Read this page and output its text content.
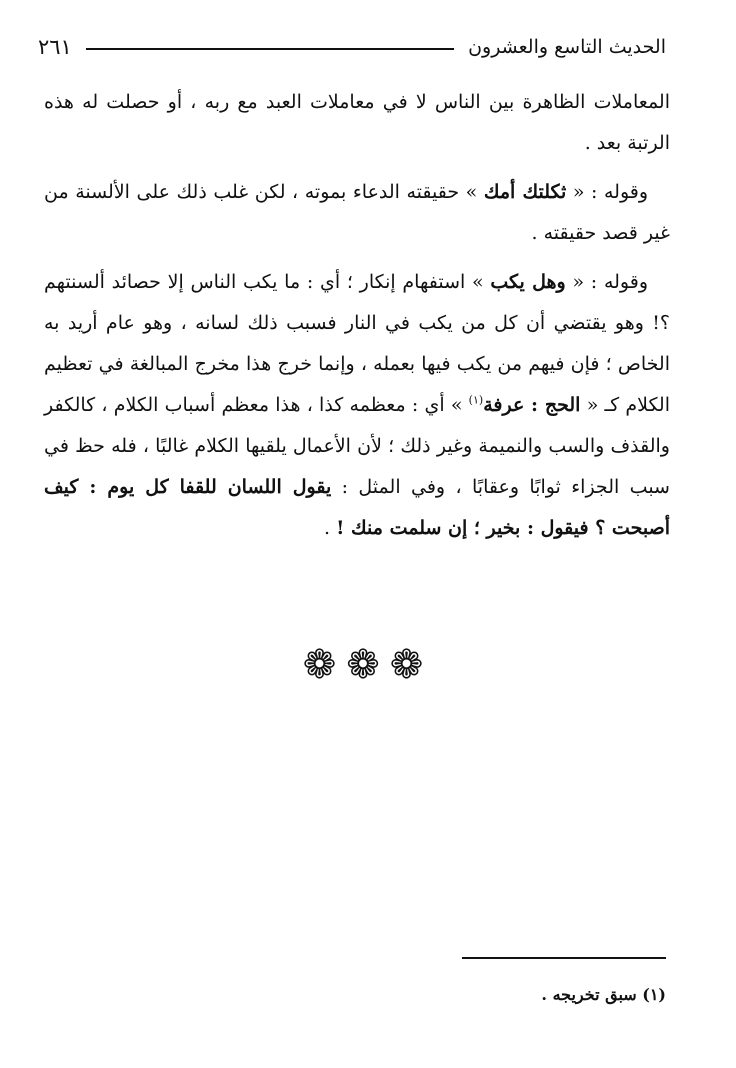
الحديث التاسع والعشرون
٢٦١

المعاملات الظاهرة بين الناس لا في معاملات العبد مع ربه ، أو حصلت له هذه الرتبة بعد .

وقوله : « ثكلتك أمك » حقيقته الدعاء بموته ، لكن غلب ذلك على الألسنة من غير قصد حقيقته .

وقوله : « وهل يكب » استفهام إنكار ؛ أي : ما يكب الناس إلا حصائد ألسنتهم ؟! وهو يقتضي أن كل من يكب في النار فسبب ذلك لسانه ، وهو عام أريد به الخاص ؛ فإن فيهم من يكب فيها بعمله ، وإنما خرج هذا مخرج المبالغة في تعظيم الكلام كـ « الحج : عرفة$^{(١)}$ » أي : معظمه كذا ، هذا معظم أسباب الكلام ، كالكفر والقذف والسب والنميمة وغير ذلك ؛ لأن الأعمال يلقيها الكلام غالبًا ، فله حظ في سبب الجزاء ثوابًا وعقابًا ، وفي المثل : يقول اللسان للقفا كل يوم : كيف أصبحت ؟ فيقول : بخير ؛ إن سلمت منك ! .

❁❁❁
(١) سبق تخريجه .
